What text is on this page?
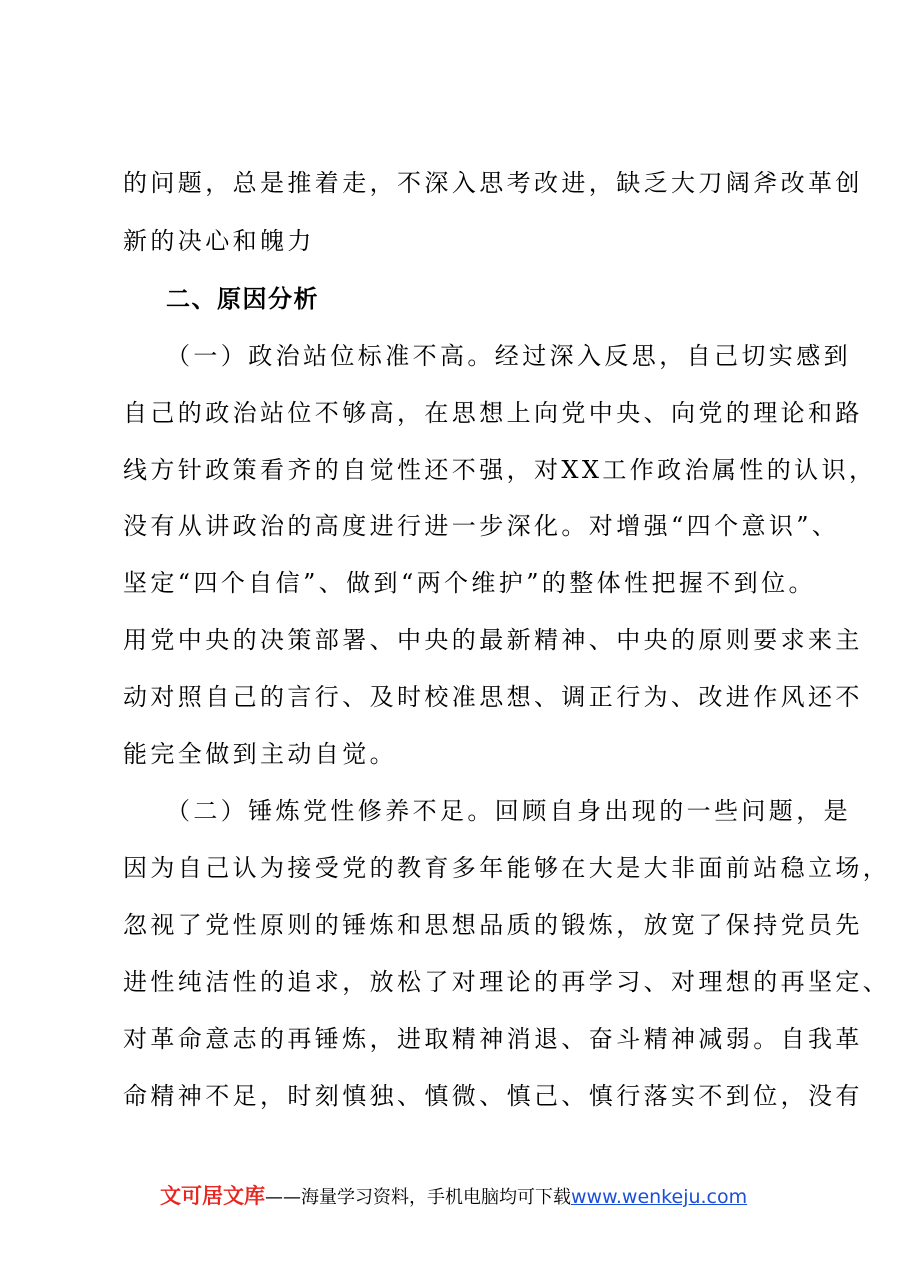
的问题，总是推着走，不深入思考改进，缺乏大刀阔斧改革创
新的决心和魄力
二、原因分析
（一）政治站位标准不高。经过深入反思，自己切实感到
自己的政治站位不够高，在思想上向党中央、向党的理论和路
线方针政策看齐的自觉性还不强，对XX工作政治属性的认识，
没有从讲政治的高度进行进一步深化。对增强“四个意识”、
坚定“四个自信”、做到“两个维护”的整体性把握不到位。
用党中央的决策部署、中央的最新精神、中央的原则要求来主
动对照自己的言行、及时校准思想、调正行为、改进作风还不
能完全做到主动自觉。
（二）锤炼党性修养不足。回顾自身出现的一些问题，是
因为自己认为接受党的教育多年能够在大是大非面前站稳立场，
忽视了党性原则的锤炼和思想品质的锻炼，放宽了保持党员先
进性纯洁性的追求，放松了对理论的再学习、对理想的再坚定、
对革命意志的再锤炼，进取精神消退、奋斗精神减弱。自我革
命精神不足，时刻慎独、慎微、慎己、慎行落实不到位，没有
文可居文库——海量学习资料，手机电脑均可下载www.wenkeju.com
